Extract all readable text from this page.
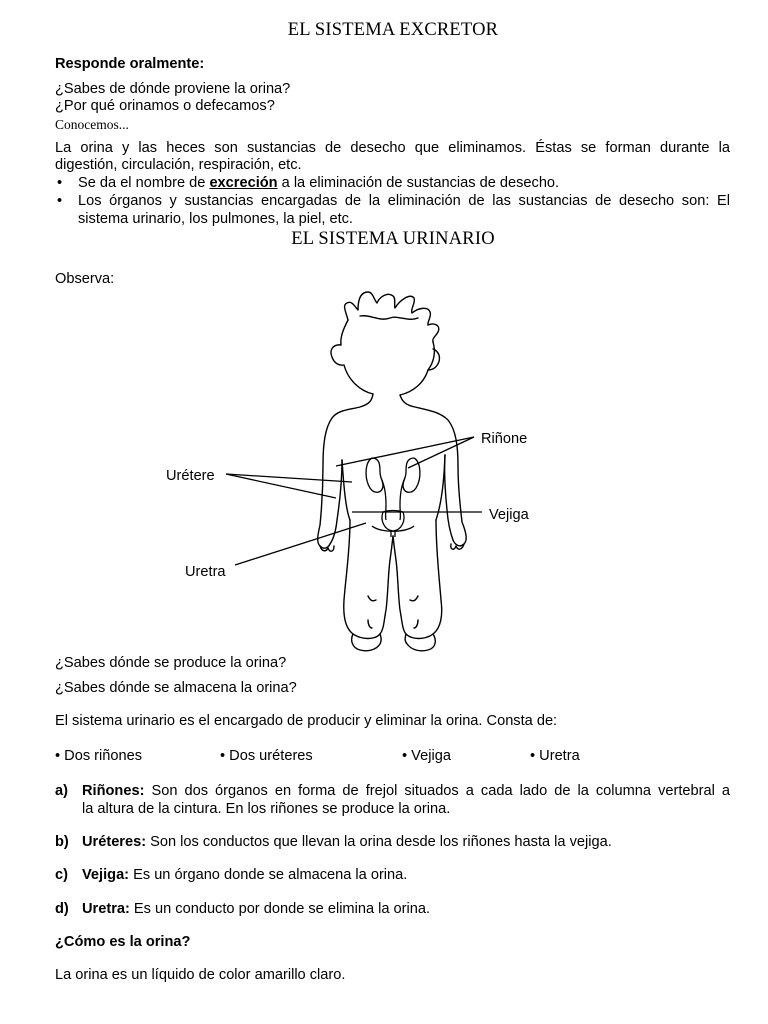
EL SISTEMA EXCRETOR
Responde oralmente:
¿Sabes de dónde proviene la orina?
¿Por qué orinamos o defecamos?
Conocemos...
La orina y las heces son sustancias de desecho que eliminamos. Éstas se forman durante la
digestión, circulación, respiración, etc.
• Se da el nombre de excreción a la eliminación de sustancias de desecho.
• Los órganos y sustancias encargadas de la eliminación de las sustancias de desecho son: El
sistema urinario, los pulmones, la piel, etc.
EL SISTEMA URINARIO
Observa:
Riñone
Urétere
Vejiga
Uretra
¿Sabes dónde se produce la orina?
¿Sabes dónde se almacena la orina?
El sistema urinario es el encargado de producir y eliminar la orina. Consta de:
• Dos riñones	• Dos uréteres	• Vejiga	• Uretra
a) Riñones: Son dos órganos en forma de frejol situados a cada lado de la columna vertebral a
la altura de la cintura. En los riñones se produce la orina.
b) Uréteres: Son los conductos que llevan la orina desde los riñones hasta la vejiga.
c) Vejiga: Es un órgano donde se almacena la orina.
d) Uretra: Es un conducto por donde se elimina la orina.
¿Cómo es la orina?
La orina es un líquido de color amarillo claro.
